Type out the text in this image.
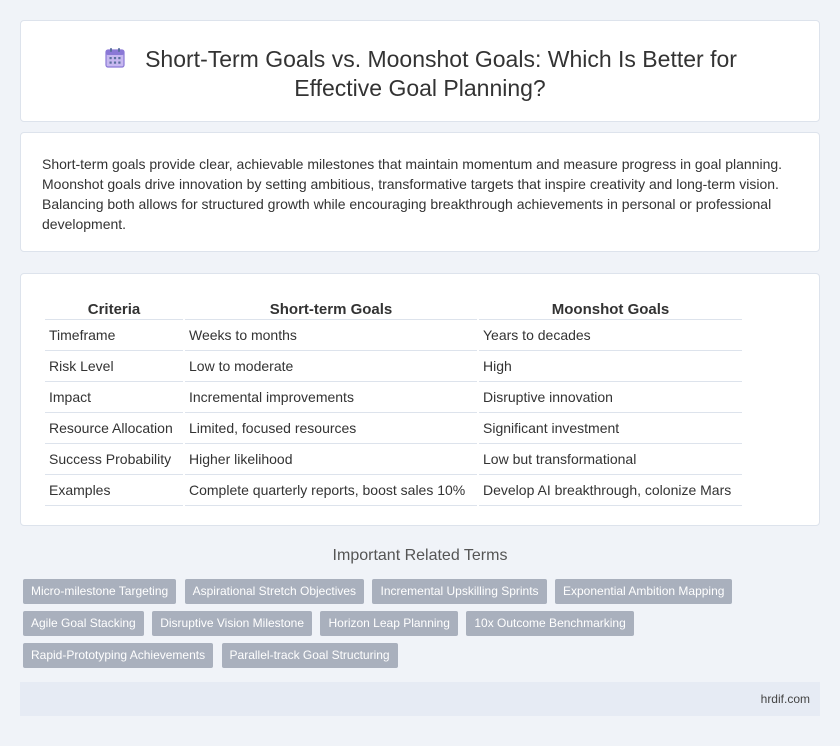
Short-Term Goals vs. Moonshot Goals: Which Is Better for Effective Goal Planning?

Short-term goals provide clear, achievable milestones that maintain momentum and measure progress in goal planning. Moonshot goals drive innovation by setting ambitious, transformative targets that inspire creativity and long-term vision. Balancing both allows for structured growth while encouraging breakthrough achievements in personal or professional development.

Criteria	Short-term Goals	Moonshot Goals
Timeframe	Weeks to months	Years to decades
Risk Level	Low to moderate	High
Impact	Incremental improvements	Disruptive innovation
Resource Allocation	Limited, focused resources	Significant investment
Success Probability	Higher likelihood	Low but transformational
Examples	Complete quarterly reports, boost sales 10%	Develop AI breakthrough, colonize Mars
Important Related Terms
Micro-milestone Targeting Aspirational Stretch Objectives Incremental Upskilling Sprints Exponential Ambition Mapping Agile Goal Stacking Disruptive Vision Milestone Horizon Leap Planning 10x Outcome Benchmarking Rapid-Prototyping Achievements Parallel-track Goal Structuring
hrdif.com
